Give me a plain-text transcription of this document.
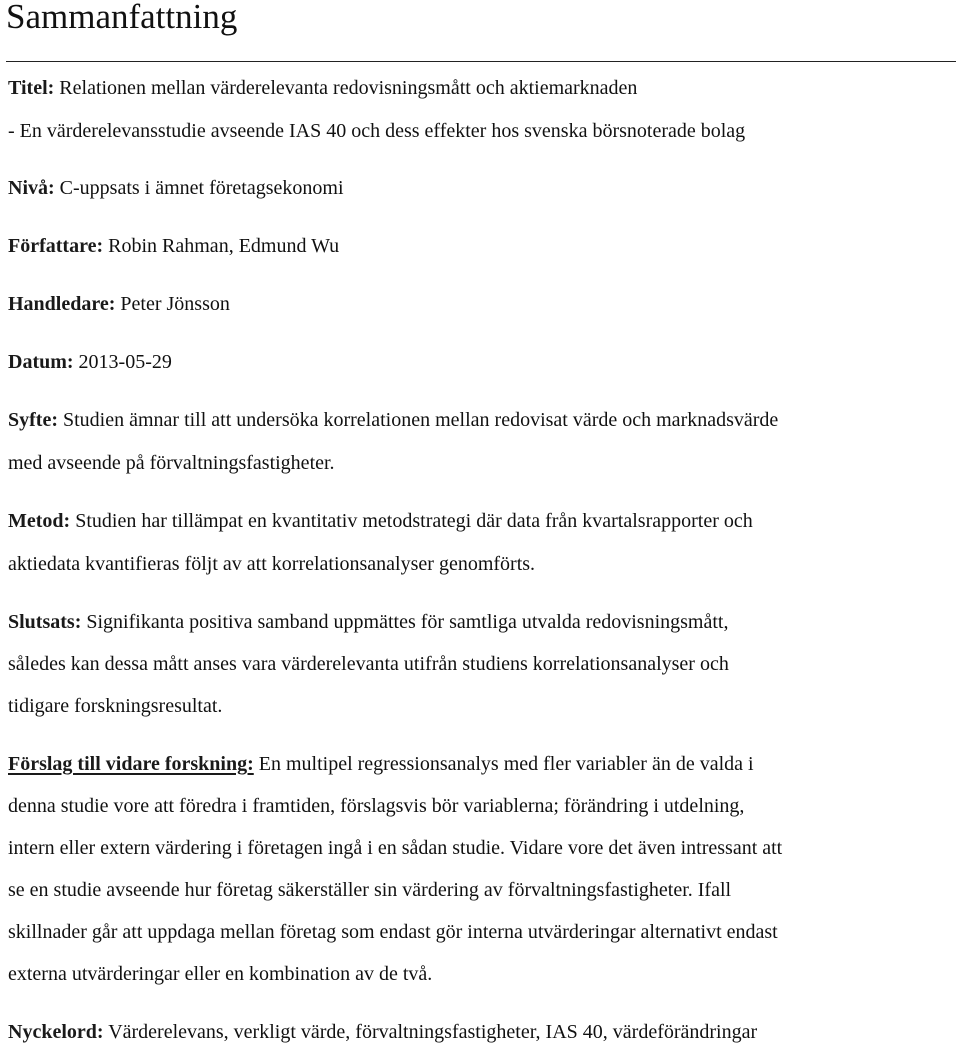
Sammanfattning
Titel: Relationen mellan värderelevanta redovisningsmått och aktiemarknaden
- En värderelevansstudie avseende IAS 40 och dess effekter hos svenska börsnoterade bolag
Nivå: C-uppsats i ämnet företagsekonomi
Författare: Robin Rahman, Edmund Wu
Handledare: Peter Jönsson
Datum: 2013-05-29
Syfte: Studien ämnar till att undersöka korrelationen mellan redovisat värde och marknadsvärde
med avseende på förvaltningsfastigheter.
Metod: Studien har tillämpat en kvantitativ metodstrategi där data från kvartalsrapporter och
aktiedata kvantifieras följt av att korrelationsanalyser genomförts.
Slutsats: Signifikanta positiva samband uppmättes för samtliga utvalda redovisningsmått,
således kan dessa mått anses vara värderelevanta utifrån studiens korrelationsanalyser och
tidigare forskningsresultat.
Förslag till vidare forskning: En multipel regressionsanalys med fler variabler än de valda i
denna studie vore att föredra i framtiden, förslagsvis bör variablerna; förändring i utdelning,
intern eller extern värdering i företagen ingå i en sådan studie. Vidare vore det även intressant att
se en studie avseende hur företag säkerställer sin värdering av förvaltningsfastigheter. Ifall
skillnader går att uppdaga mellan företag som endast gör interna utvärderingar alternativt endast
externa utvärderingar eller en kombination av de två.
Nyckelord: Värderelevans, verkligt värde, förvaltningsfastigheter, IAS 40, värdeförändringar
